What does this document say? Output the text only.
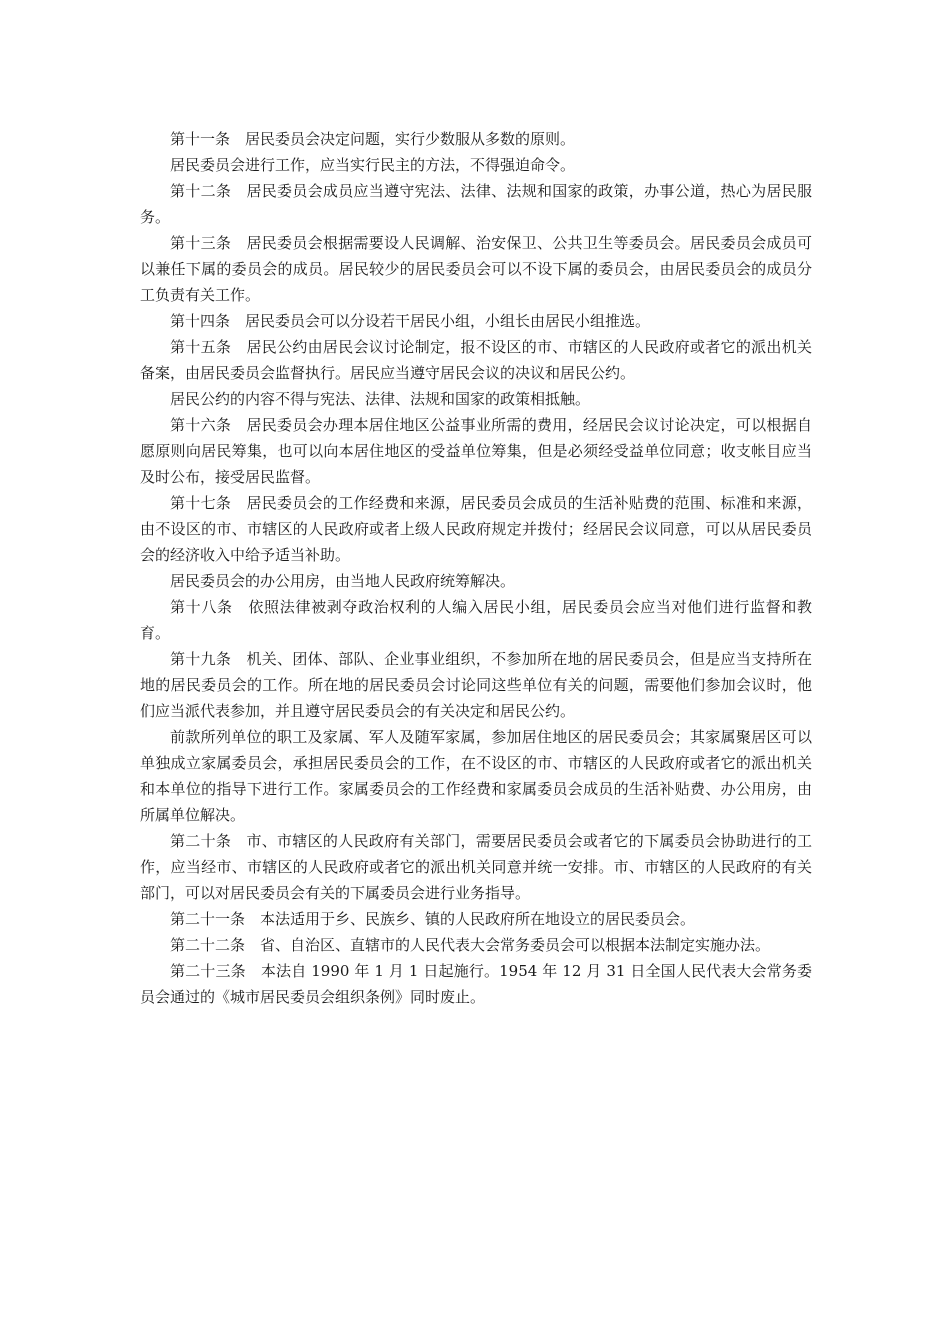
第十一条　居民委员会决定问题，实行少数服从多数的原则。

居民委员会进行工作，应当实行民主的方法，不得强迫命令。

第十二条　居民委员会成员应当遵守宪法、法律、法规和国家的政策，办事公道，热心为居民服务。

第十三条　居民委员会根据需要设人民调解、治安保卫、公共卫生等委员会。居民委员会成员可以兼任下属的委员会的成员。居民较少的居民委员会可以不设下属的委员会，由居民委员会的成员分工负责有关工作。

第十四条　居民委员会可以分设若干居民小组，小组长由居民小组推选。

第十五条　居民公约由居民会议讨论制定，报不设区的市、市辖区的人民政府或者它的派出机关备案，由居民委员会监督执行。居民应当遵守居民会议的决议和居民公约。

居民公约的内容不得与宪法、法律、法规和国家的政策相抵触。

第十六条　居民委员会办理本居住地区公益事业所需的费用，经居民会议讨论决定，可以根据自愿原则向居民筹集，也可以向本居住地区的受益单位筹集，但是必须经受益单位同意；收支帐目应当及时公布，接受居民监督。

第十七条　居民委员会的工作经费和来源，居民委员会成员的生活补贴费的范围、标准和来源，由不设区的市、市辖区的人民政府或者上级人民政府规定并拨付；经居民会议同意，可以从居民委员会的经济收入中给予适当补助。

居民委员会的办公用房，由当地人民政府统筹解决。

第十八条　依照法律被剥夺政治权利的人编入居民小组，居民委员会应当对他们进行监督和教育。

第十九条　机关、团体、部队、企业事业组织，不参加所在地的居民委员会，但是应当支持所在地的居民委员会的工作。所在地的居民委员会讨论同这些单位有关的问题，需要他们参加会议时，他们应当派代表参加，并且遵守居民委员会的有关决定和居民公约。

前款所列单位的职工及家属、军人及随军家属，参加居住地区的居民委员会；其家属聚居区可以单独成立家属委员会，承担居民委员会的工作，在不设区的市、市辖区的人民政府或者它的派出机关和本单位的指导下进行工作。家属委员会的工作经费和家属委员会成员的生活补贴费、办公用房，由所属单位解决。

第二十条　市、市辖区的人民政府有关部门，需要居民委员会或者它的下属委员会协助进行的工作，应当经市、市辖区的人民政府或者它的派出机关同意并统一安排。市、市辖区的人民政府的有关部门，可以对居民委员会有关的下属委员会进行业务指导。

第二十一条　本法适用于乡、民族乡、镇的人民政府所在地设立的居民委员会。

第二十二条　省、自治区、直辖市的人民代表大会常务委员会可以根据本法制定实施办法。

第二十三条　本法自 1990 年 1 月 1 日起施行。1954 年 12 月 31 日全国人民代表大会常务委员会通过的《城市居民委员会组织条例》同时废止。
